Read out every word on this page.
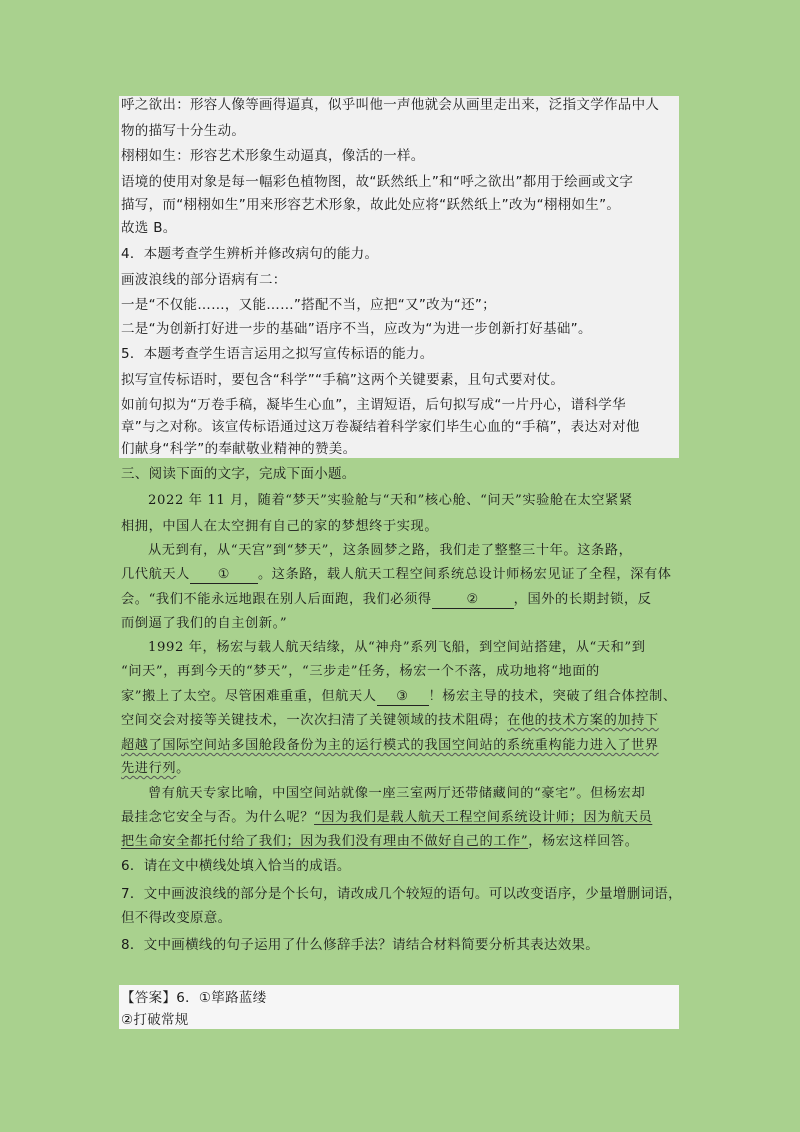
呼之欲出：形容人像等画得逼真，似乎叫他一声他就会从画里走出来，泛指文学作品中人
物的描写十分生动。
栩栩如生：形容艺术形象生动逼真，像活的一样。
语境的使用对象是每一幅彩色植物图，故“跃然纸上”和“呼之欲出”都用于绘画或文字
描写，而“栩栩如生”用来形容艺术形象，故此处应将“跃然纸上”改为“栩栩如生”。
故选 B。
4．本题考查学生辨析并修改病句的能力。
画波浪线的部分语病有二：
一是“不仅能……，又能……”搭配不当，应把“又”改为“还”；
二是“为创新打好进一步的基础”语序不当，应改为“为进一步创新打好基础”。
5．本题考查学生语言运用之拟写宣传标语的能力。
拟写宣传标语时，要包含“科学”“手稿”这两个关键要素，且句式要对仗。
如前句拟为“万卷手稿，凝毕生心血”，主谓短语，后句拟写成“一片丹心，谱科学华
章”与之对称。该宣传标语通过这万卷凝结着科学家们毕生心血的“手稿”，表达对对他
们献身“科学”的奉献敬业精神的赞美。
三、阅读下面的文字，完成下面小题。
2022 年 11 月，随着“梦天”实验舱与“天和”核心舱、“问天”实验舱在太空紧紧
相拥，中国人在太空拥有自己的家的梦想终于实现。
从无到有，从“天宫”到“梦天”，这条圆梦之路，我们走了整整三十年。这条路，
几代航天人 ① 。这条路，载人航天工程空间系统总设计师杨宏见证了全程，深有体
会。“我们不能永远地跟在别人后面跑，我们必须得	②	，国外的长期封锁，反
而倒逼了我们的自主创新。”
1992 年，杨宏与载人航天结缘，从“神舟”系列飞船，到空间站搭建，从“天和”到
“问天”，再到今天的“梦天”，“三步走”任务，杨宏一个不落，成功地将“地面的
家”搬上了太空。尽管困难重重，但航天人 ③ ！杨宏主导的技术，突破了组合体控制、
空间交会对接等关键技术，一次次扫清了关键领域的技术阻碍；在他的技术方案的加持下
超越了国际空间站多国舱段备份为主的运行模式的我国空间站的系统重构能力进入了世界
先进行列。
曾有航天专家比喻，中国空间站就像一座三室两厅还带储藏间的“豪宅”。但杨宏却
最挂念它安全与否。为什么呢？“因为我们是载人航天工程空间系统设计师；因为航天员
把生命安全都托付给了我们；因为我们没有理由不做好自己的工作”，杨宏这样回答。
6．请在文中横线处填入恰当的成语。
7．文中画波浪线的部分是个长句，请改成几个较短的语句。可以改变语序，少量增删词语，
但不得改变原意。
8．文中画横线的句子运用了什么修辞手法？请结合材料简要分析其表达效果。
【答案】6．①筚路蓝缕
②打破常规
